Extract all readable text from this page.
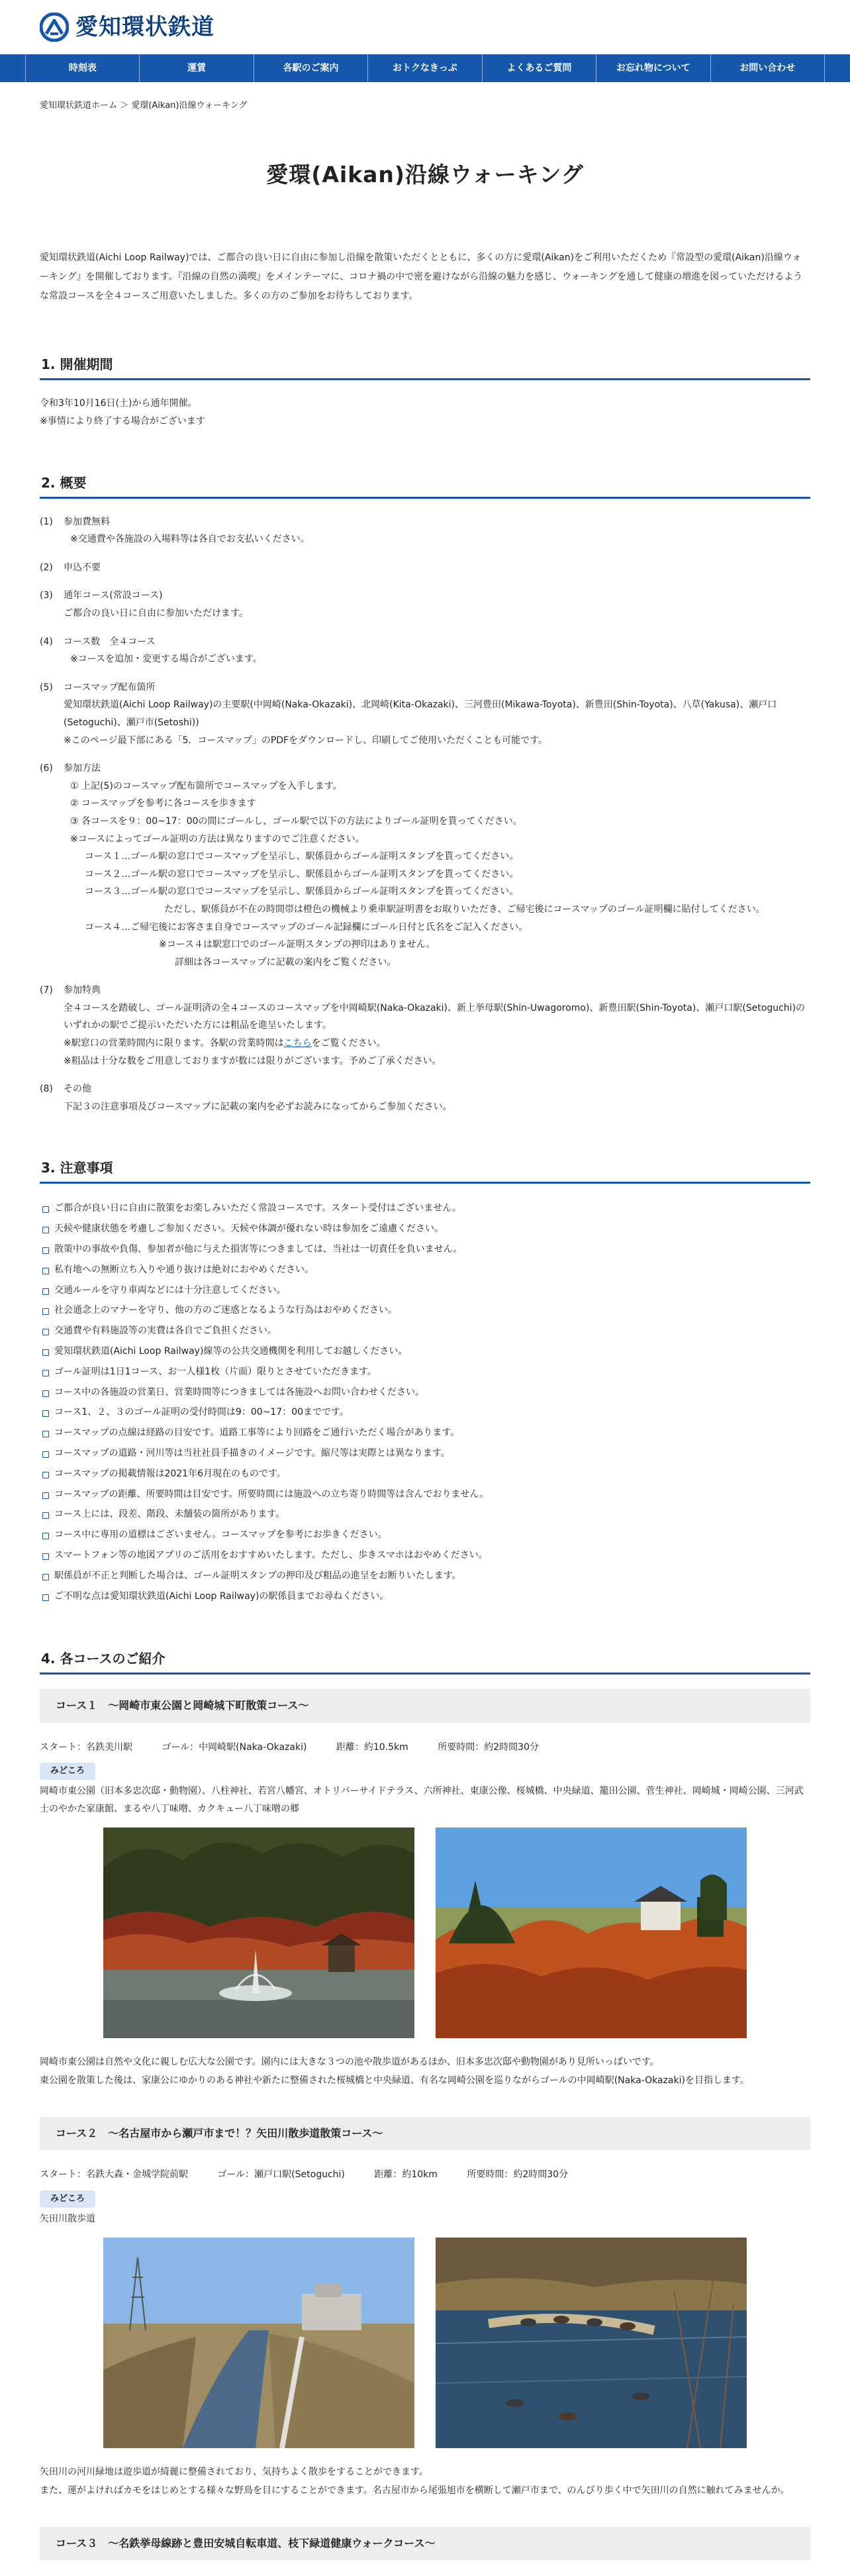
愛知環状鉄道
時刻表	運賃	各駅のご案内	おトクなきっぷ	よくあるご質問	お忘れ物について	お問い合わせ
愛知環状鉄道ホーム ＞ 愛環(Aikan)沿線ウォーキング
愛環(Aikan)沿線ウォーキング

愛知環状鉄道(Aichi Loop Railway)では、ご都合の良い日に自由に参加し沿線を散策いただくとともに、多くの方に愛環(Aikan)をご利用いただくため『常設型の愛環(Aikan)沿線ウォーキング』を開催しております。『沿線の自然の満喫』をメインテーマに、コロナ禍の中で密を避けながら沿線の魅力を感じ、ウォーキングを通して健康の増進を図っていただけるような常設コースを全４コースご用意いたしました。多くの方のご参加をお待ちしております。

1. 開催期間
令和3年10月16日(土)から通年開催。
※事情により終了する場合がございます
2. 概要
(1)	参加費無料
※交通費や各施設の入場料等は各自でお支払いください。
(2)	申込不要
(3)	通年コース(常設コース)
ご都合の良い日に自由に参加いただけます。
(4)	コース数　全４コース
※コースを追加・変更する場合がございます。
(5)	コースマップ配布箇所
愛知環状鉄道(Aichi Loop Railway)の主要駅(中岡崎(Naka-Okazaki)、北岡崎(Kita-Okazaki)、三河豊田(Mikawa-Toyota)、新豊田(Shin-Toyota)、八草(Yakusa)、瀬戸口(Setoguchi)、瀬戸市(Setoshi))
※このページ最下部にある「5．コースマップ」のPDFをダウンロードし、印刷してご使用いただくことも可能です。
(6)	参加方法
① 上記(5)のコースマップ配布箇所でコースマップを入手します。
② コースマップを参考に各コースを歩きます
③ 各コースを９：00~17：00の間にゴールし、ゴール駅で以下の方法によりゴール証明を貰ってください。
※コースによってゴール証明の方法は異なりますのでご注意ください。
コース１…ゴール駅の窓口でコースマップを呈示し、駅係員からゴール証明スタンプを貰ってください。
コース２…ゴール駅の窓口でコースマップを呈示し、駅係員からゴール証明スタンプを貰ってください。
コース３…ゴール駅の窓口でコースマップを呈示し、駅係員からゴール証明スタンプを貰ってください。
ただし、駅係員が不在の時間帯は橙色の機械より乗車駅証明書をお取りいただき、ご帰宅後にコースマップのゴール証明欄に貼付してください。
コース４…ご帰宅後にお客さま自身でコースマップのゴール記録欄にゴール日付と氏名をご記入ください。
※コース４は駅窓口でのゴール証明スタンプの押印はありません。
詳細は各コースマップに記載の案内をご覧ください。
(7)	参加特典
全４コースを踏破し、ゴール証明済の全４コースのコースマップを中岡崎駅(Naka-Okazaki)、新上挙母駅(Shin-Uwagoromo)、新豊田駅(Shin-Toyota)、瀬戸口駅(Setoguchi)のいずれかの駅でご提示いただいた方には粗品を進呈いたします。
※駅窓口の営業時間内に限ります。各駅の営業時間はこちらをご覧ください。
※粗品は十分な数をご用意しておりますが数には限りがございます。予めご了承ください。
(8)	その他
下記３の注意事項及びコースマップに記載の案内を必ずお読みになってからご参加ください。
3. 注意事項
ご都合が良い日に自由に散策をお楽しみいただく常設コースです。スタート受付はございません。
天候や健康状態を考慮しご参加ください。天候や体調が優れない時は参加をご遠慮ください。
散策中の事故や負傷、参加者が他に与えた損害等につきましては、当社は一切責任を負いません。
私有地への無断立ち入りや通り抜けは絶対におやめください。
交通ルールを守り車両などには十分注意してください。
社会通念上のマナーを守り、他の方のご迷惑となるような行為はおやめください。
交通費や有料施設等の実費は各自でご負担ください。
愛知環状鉄道(Aichi Loop Railway)線等の公共交通機関を利用してお越しください。
ゴール証明は1日1コース、お一人様1枚（片面）限りとさせていただきます。
コース中の各施設の営業日、営業時間等につきましては各施設へお問い合わせください。
コース1、２、３のゴール証明の受付時間は9：00~17：00までです。
コースマップの点線は経路の目安です。道路工事等により回路をご通行いただく場合があります。
コースマップの道路・河川等は当社社員手描きのイメージです。縮尺等は実際とは異なります。
コースマップの掲載情報は2021年6月現在のものです。
コースマップの距離、所要時間は目安です。所要時間には施設への立ち寄り時間等は含んでおりません。
コース上には、段差、階段、未舗装の箇所があります。
コース中に専用の道標はございません。コースマップを参考にお歩きください。
スマートフォン等の地図アプリのご活用をおすすめいたします。ただし、歩きスマホはおやめください。
駅係員が不正と判断した場合は、ゴール証明スタンプの押印及び粗品の進呈をお断りいたします。
ご不明な点は愛知環状鉄道(Aichi Loop Railway)の駅係員までお尋ねください。
4. 各コースのご紹介
コース１　～岡崎市東公園と岡崎城下町散策コース～
スタート：名鉄美川駅	ゴール：中岡崎駅(Naka-Okazaki)	距離：約10.5km	所要時間：約2時間30分
みどころ
岡崎市東公園（旧本多忠次邸・動物園）、八柱神社、若宮八幡宮、オトリバーサイドテラス、六所神社、東康公像、桜城橋、中央緑道、籠田公園、菅生神社、岡崎城・岡崎公園、三河武士のやかた家康館、まるや八丁味噌、カクキュー八丁味噌の郷
岡崎市東公園は自然や文化に親しむ広大な公園です。園内には大きな３つの池や散歩道があるほか、旧本多忠次邸や動物園があり見所いっぱいです。
東公園を散策した後は、家康公にゆかりのある神社や新たに整備された桜城橋と中央緑道、有名な岡崎公園を巡りながらゴールの中岡崎駅(Naka-Okazaki)を目指します。
コース２　～名古屋市から瀬戸市まで！？矢田川散歩道散策コース～
スタート：名鉄大森・金城学院前駅	ゴール：瀬戸口駅(Setoguchi)	距離：約10km	所要時間：約2時間30分
みどころ
矢田川散歩道
矢田川の河川緑地は遊歩道が綺麗に整備されており、気持ちよく散歩をすることができます。
また、運がよければカモをはじめとする様々な野鳥を目にすることができます。名古屋市から尾張旭市を横断して瀬戸市まで、のんびり歩く中で矢田川の自然に触れてみませんか。
コース３　～名鉄挙母線跡と豊田安城自転車道、枝下緑道健康ウォークコース～
